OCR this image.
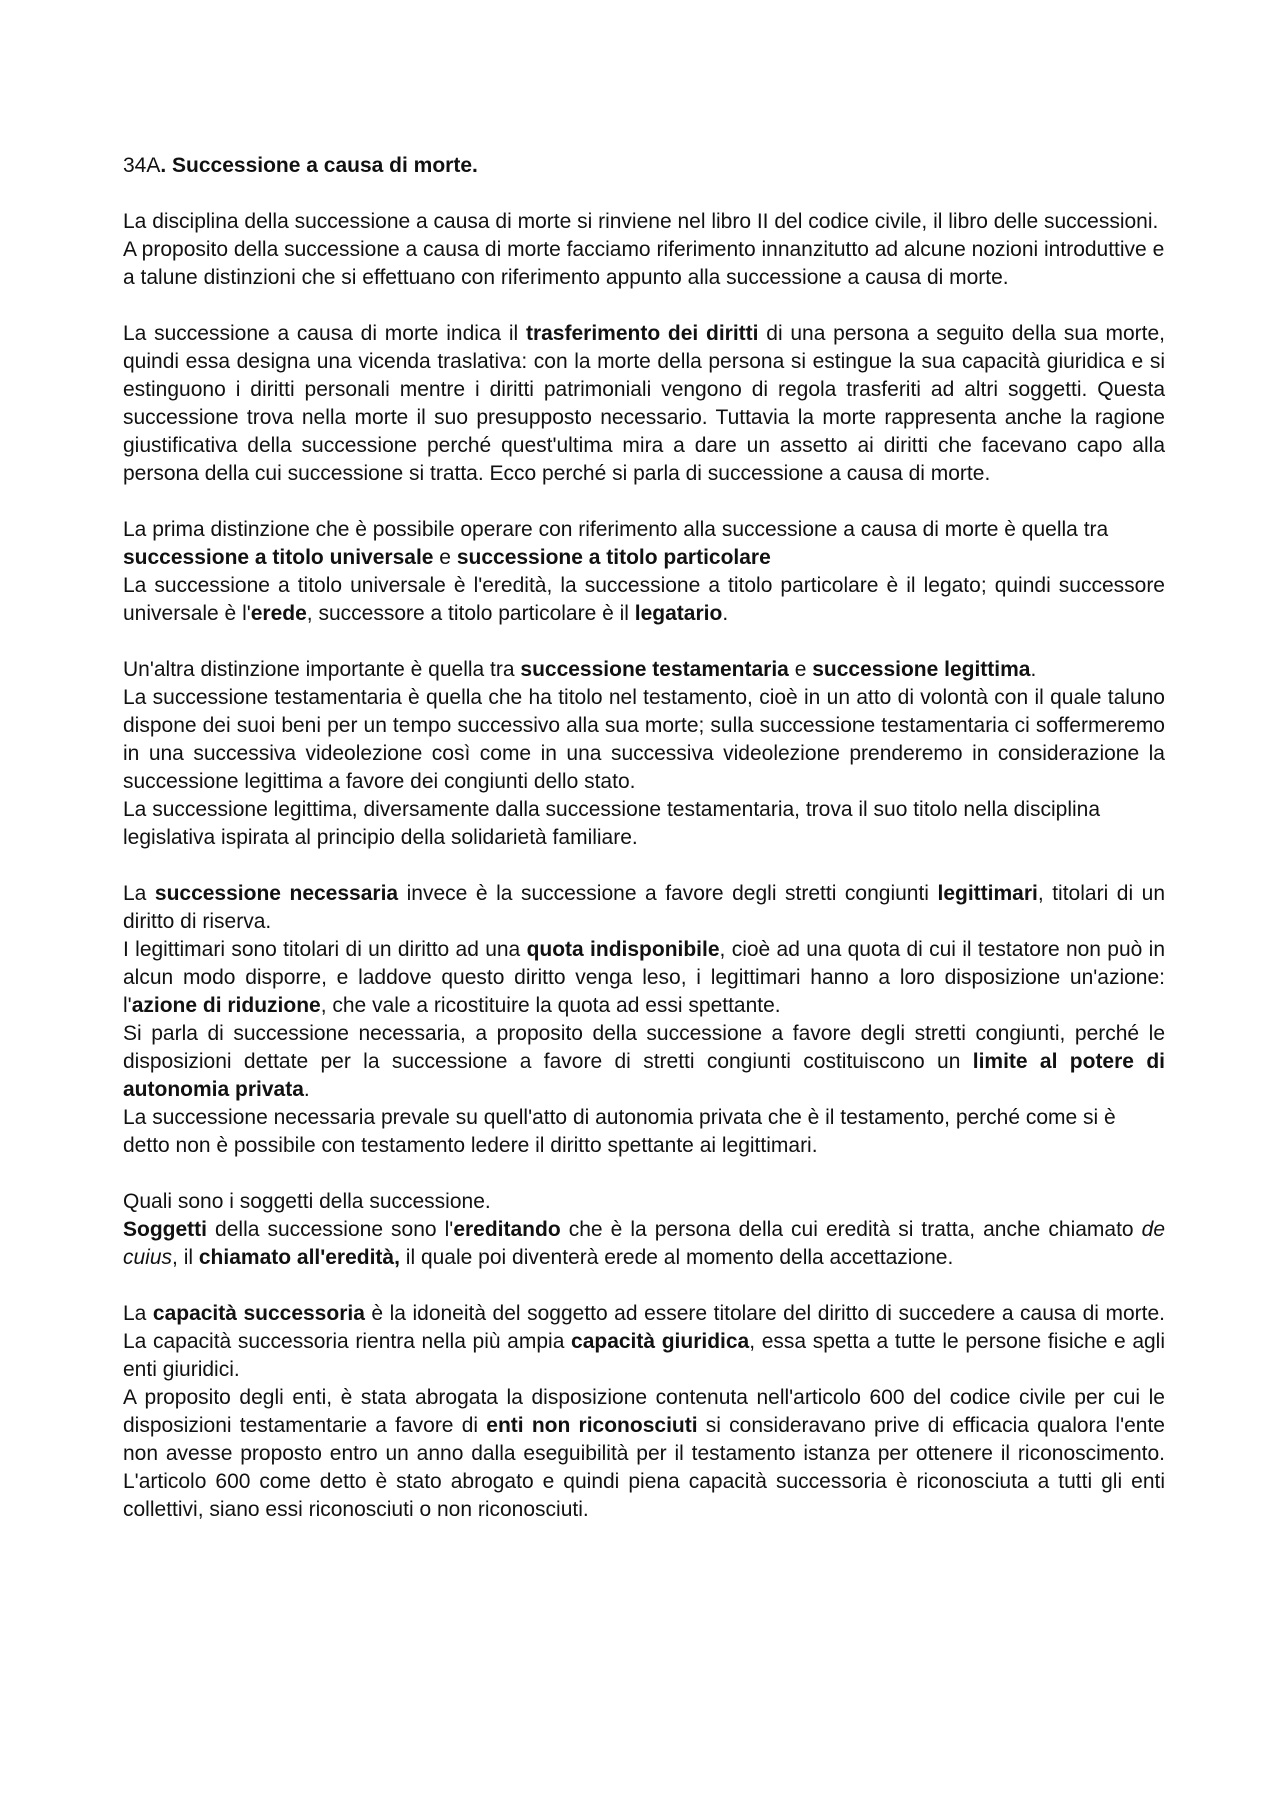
34A. Successione a causa di morte.

La disciplina della successione a causa di morte si rinviene nel libro II del codice civile, il libro delle successioni.

A proposito della successione a causa di morte facciamo riferimento innanzitutto ad alcune nozioni introduttive e a talune distinzioni che si effettuano con riferimento appunto alla successione a causa di morte.

La successione a causa di morte indica il trasferimento dei diritti di una persona a seguito della sua morte, quindi essa designa una vicenda traslativa: con la morte della persona si estingue la sua capacità giuridica e si estinguono i diritti personali mentre i diritti patrimoniali vengono di regola trasferiti ad altri soggetti. Questa successione trova nella morte il suo presupposto necessario. Tuttavia la morte rappresenta anche la ragione giustificativa della successione perché quest'ultima mira a dare un assetto ai diritti che facevano capo alla persona della cui successione si tratta. Ecco perché si parla di successione a causa di morte.

La prima distinzione che è possibile operare con riferimento alla successione a causa di morte è quella tra successione a titolo universale e successione a titolo particolare

La successione a titolo universale è l'eredità, la successione a titolo particolare è il legato; quindi successore universale è l'erede, successore a titolo particolare è il legatario.

Un'altra distinzione importante è quella tra successione testamentaria e successione legittima.

La successione testamentaria è quella che ha titolo nel testamento, cioè in un atto di volontà con il quale taluno dispone dei suoi beni per un tempo successivo alla sua morte; sulla successione testamentaria ci soffermeremo in una successiva videolezione così come in una successiva videolezione prenderemo in considerazione la successione legittima a favore dei congiunti dello stato.

La successione legittima, diversamente dalla successione testamentaria, trova il suo titolo nella disciplina legislativa ispirata al principio della solidarietà familiare.

La successione necessaria invece è la successione a favore degli stretti congiunti legittimari, titolari di un diritto di riserva.

I legittimari sono titolari di un diritto ad una quota indisponibile, cioè ad una quota di cui il testatore non può in alcun modo disporre, e laddove questo diritto venga leso, i legittimari hanno a loro disposizione un'azione: l'azione di riduzione, che vale a ricostituire la quota ad essi spettante.

Si parla di successione necessaria, a proposito della successione a favore degli stretti congiunti, perché le disposizioni dettate per la successione a favore di stretti congiunti costituiscono un limite al potere di autonomia privata.

La successione necessaria prevale su quell'atto di autonomia privata che è il testamento, perché come si è detto non è possibile con testamento ledere il diritto spettante ai legittimari.

Quali sono i soggetti della successione.

Soggetti della successione sono l'ereditando che è la persona della cui eredità si tratta, anche chiamato de cuius, il chiamato all'eredità, il quale poi diventerà erede al momento della accettazione.

La capacità successoria è la idoneità del soggetto ad essere titolare del diritto di succedere a causa di morte. La capacità successoria rientra nella più ampia capacità giuridica, essa spetta a tutte le persone fisiche e agli enti giuridici.

A proposito degli enti, è stata abrogata la disposizione contenuta nell'articolo 600 del codice civile per cui le disposizioni testamentarie a favore di enti non riconosciuti si consideravano prive di efficacia qualora l'ente non avesse proposto entro un anno dalla eseguibilità per il testamento istanza per ottenere il riconoscimento. L'articolo 600 come detto è stato abrogato e quindi piena capacità successoria è riconosciuta a tutti gli enti collettivi, siano essi riconosciuti o non riconosciuti.
